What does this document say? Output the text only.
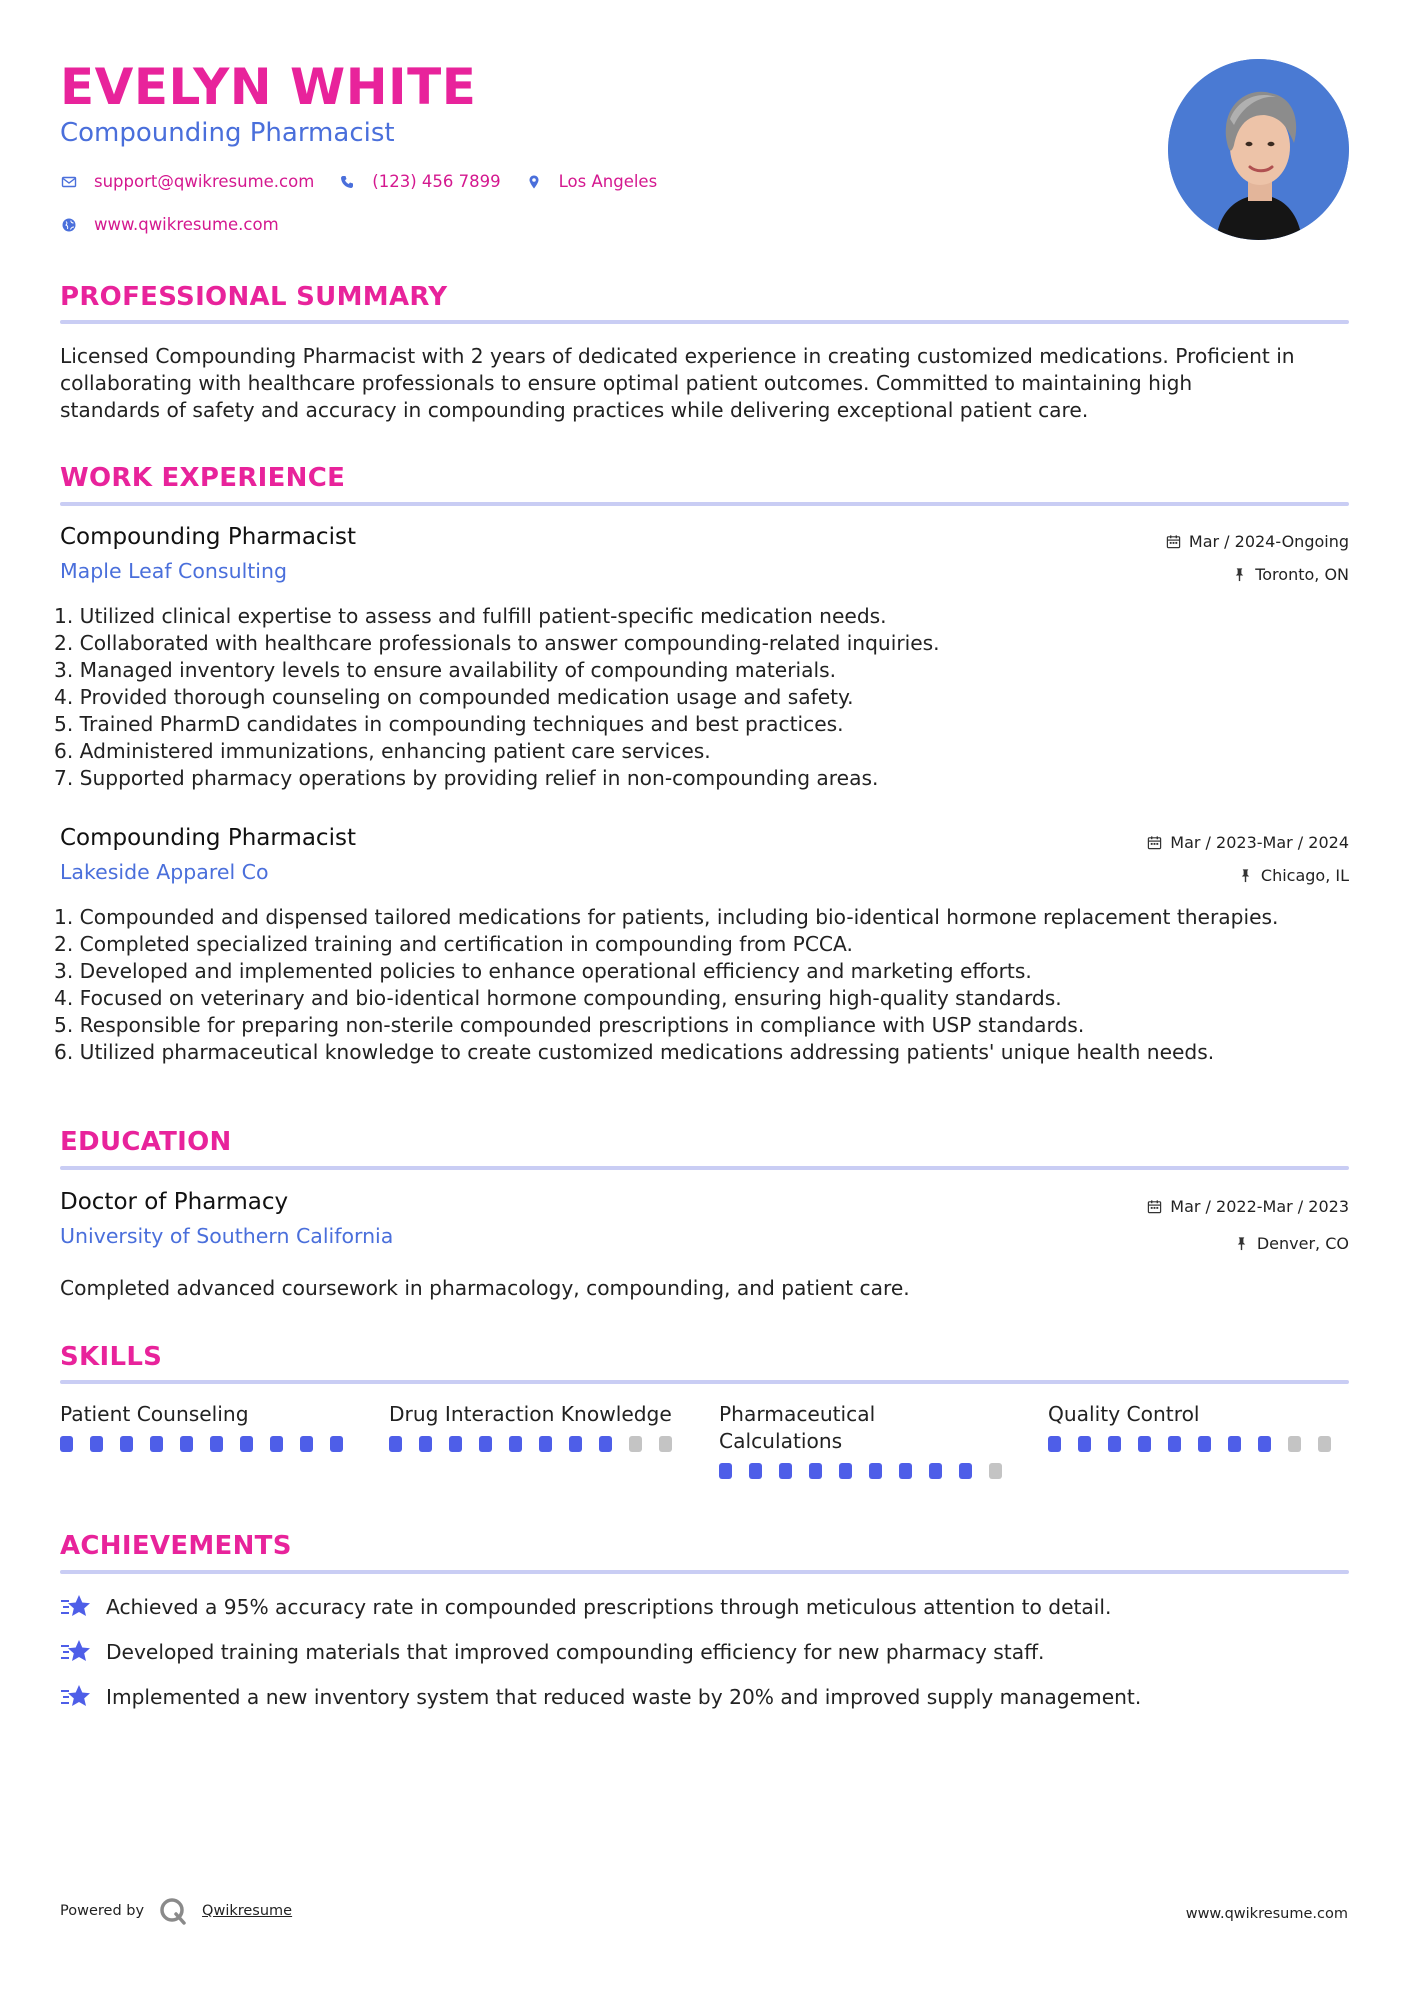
EVELYN WHITE
Compounding Pharmacist
support@qwikresume.com	(123) 456 7899	Los Angeles
www.qwikresume.com
PROFESSIONAL SUMMARY
Licensed Compounding Pharmacist with 2 years of dedicated experience in creating customized medications. Proficient in
collaborating with healthcare professionals to ensure optimal patient outcomes. Committed to maintaining high
standards of safety and accuracy in compounding practices while delivering exceptional patient care.
WORK EXPERIENCE
Compounding Pharmacist
Maple Leaf Consulting
Mar / 2024-Ongoing
Toronto, ON
1. Utilized clinical expertise to assess and fulfill patient-specific medication needs.
2. Collaborated with healthcare professionals to answer compounding-related inquiries.
3. Managed inventory levels to ensure availability of compounding materials.
4. Provided thorough counseling on compounded medication usage and safety.
5. Trained PharmD candidates in compounding techniques and best practices.
6. Administered immunizations, enhancing patient care services.
7. Supported pharmacy operations by providing relief in non-compounding areas.
Compounding Pharmacist
Lakeside Apparel Co
Mar / 2023-Mar / 2024
Chicago, IL
1. Compounded and dispensed tailored medications for patients, including bio-identical hormone replacement therapies.
2. Completed specialized training and certification in compounding from PCCA.
3. Developed and implemented policies to enhance operational efficiency and marketing efforts.
4. Focused on veterinary and bio-identical hormone compounding, ensuring high-quality standards.
5. Responsible for preparing non-sterile compounded prescriptions in compliance with USP standards.
6. Utilized pharmaceutical knowledge to create customized medications addressing patients' unique health needs.
EDUCATION
Doctor of Pharmacy
University of Southern California
Mar / 2022-Mar / 2023
Denver, CO
Completed advanced coursework in pharmacology, compounding, and patient care.
SKILLS
Patient Counseling	Drug Interaction Knowledge	Pharmaceutical
Calculations
Quality Control
ACHIEVEMENTS
Achieved a 95% accuracy rate in compounded prescriptions through meticulous attention to detail.
Developed training materials that improved compounding efficiency for new pharmacy staff.
Implemented a new inventory system that reduced waste by 20% and improved supply management.
Powered by	Qwikresume	www.qwikresume.com
